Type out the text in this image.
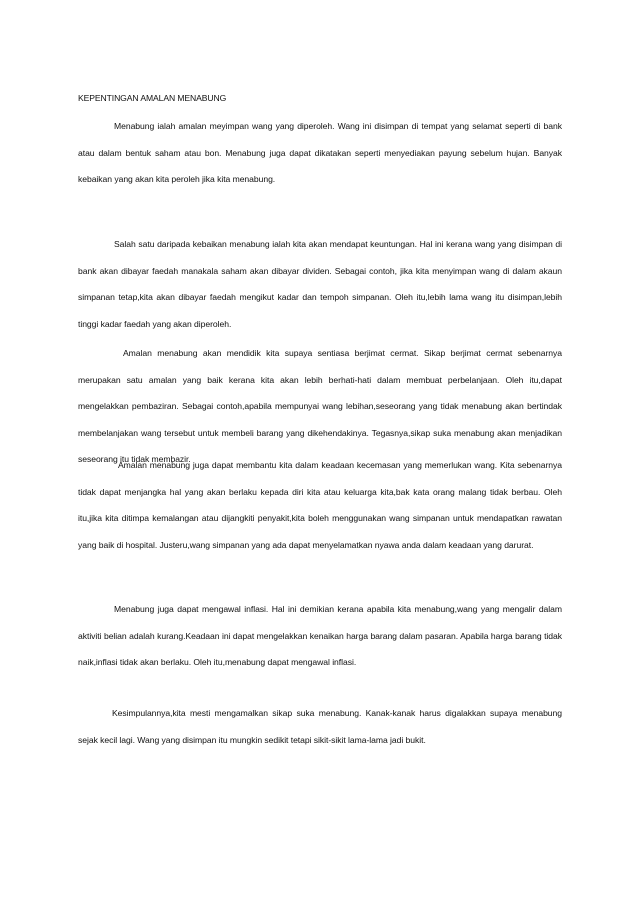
KEPENTINGAN AMALAN MENABUNG

Menabung ialah amalan meyimpan wang yang diperoleh. Wang ini disimpan di tempat yang selamat seperti di bank atau dalam bentuk saham atau bon. Menabung juga dapat dikatakan seperti menyediakan payung sebelum hujan. Banyak kebaikan yang akan kita peroleh jika kita menabung.

Salah satu daripada kebaikan menabung ialah kita akan mendapat keuntungan. Hal ini kerana wang yang disimpan di bank akan dibayar faedah manakala saham akan dibayar dividen. Sebagai contoh, jika kita menyimpan wang di dalam akaun simpanan tetap,kita akan dibayar faedah mengikut kadar dan tempoh simpanan. Oleh itu,lebih lama wang itu disimpan,lebih tinggi kadar faedah yang akan diperoleh.

Amalan menabung akan mendidik kita supaya sentiasa berjimat cermat. Sikap berjimat cermat sebenarnya merupakan satu amalan yang baik kerana kita akan lebih berhati-hati dalam membuat perbelanjaan. Oleh itu,dapat mengelakkan pembaziran. Sebagai contoh,apabila mempunyai wang lebihan,seseorang yang tidak menabung akan bertindak membelanjakan wang tersebut untuk membeli barang yang dikehendakinya. Tegasnya,sikap suka menabung akan menjadikan seseorang itu tidak membazir.

Amalan menabung juga dapat membantu kita dalam keadaan kecemasan yang memerlukan wang. Kita sebenarnya tidak dapat menjangka hal yang akan berlaku kepada diri kita atau keluarga kita,bak kata orang malang tidak berbau. Oleh itu,jika kita ditimpa kemalangan atau dijangkiti penyakit,kita boleh menggunakan wang simpanan untuk mendapatkan rawatan yang baik di hospital. Justeru,wang simpanan yang ada dapat menyelamatkan nyawa anda dalam keadaan yang darurat.

Menabung juga dapat mengawal inflasi. Hal ini demikian kerana apabila kita menabung,wang yang mengalir dalam aktiviti belian adalah kurang.Keadaan ini dapat mengelakkan kenaikan harga barang dalam pasaran. Apabila harga barang tidak naik,inflasi tidak akan berlaku. Oleh itu,menabung dapat mengawal inflasi.

Kesimpulannya,kita mesti mengamalkan sikap suka menabung. Kanak-kanak harus digalakkan supaya menabung sejak kecil lagi. Wang yang disimpan itu mungkin sedikit tetapi sikit-sikit lama-lama jadi bukit.
